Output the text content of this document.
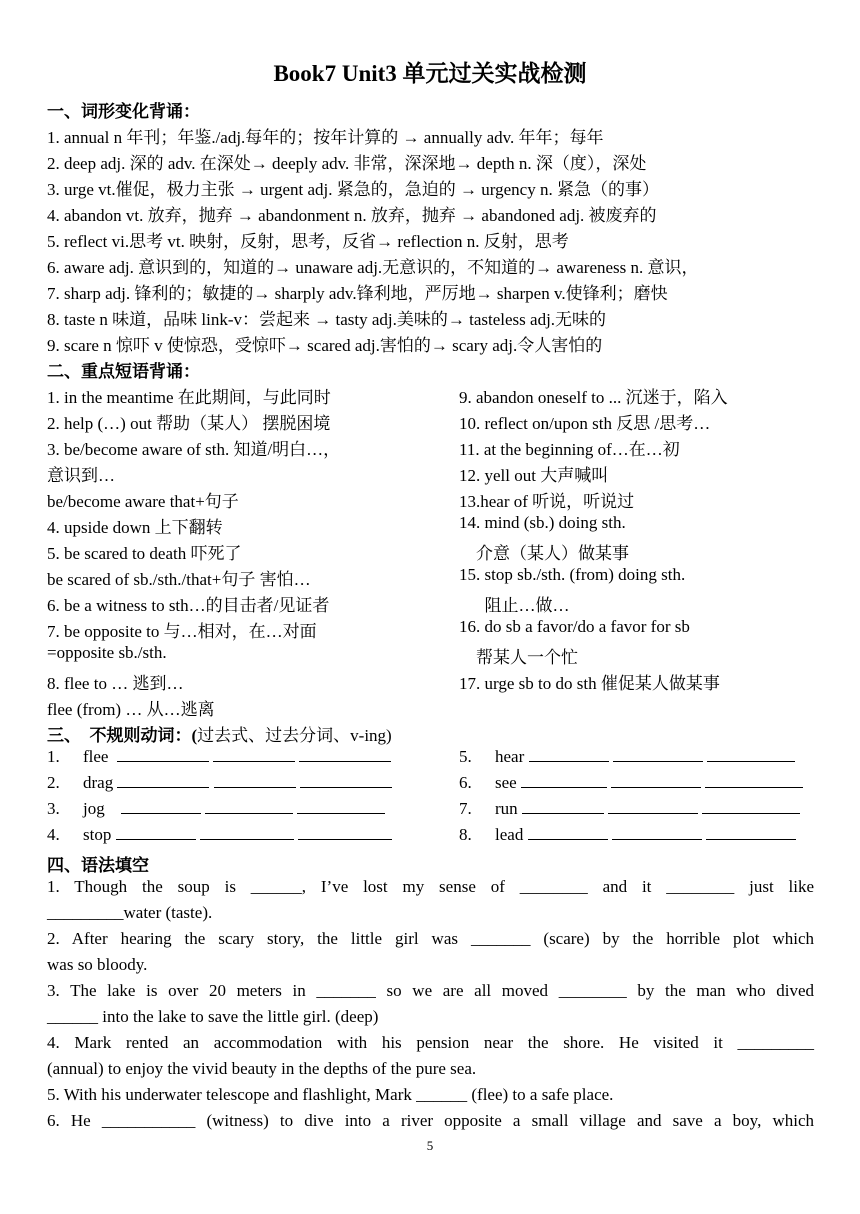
Book7 Unit3 单元过关实战检测
一、词形变化背诵：
1. annual n 年刊；年鉴./adj.每年的；按年计算的 → annually adv. 年年；每年
2. deep adj. 深的 adv. 在深处→ deeply adv. 非常，深深地→ depth n. 深（度），深处
3. urge vt.催促，极力主张 → urgent adj. 紧急的，急迫的 → urgency n. 紧急（的事）
4. abandon vt. 放弃，抛弃 → abandonment n. 放弃，抛弃 → abandoned adj. 被废弃的
5. reflect vi.思考 vt. 映射，反射，思考，反省→ reflection n. 反射，思考
6. aware adj. 意识到的，知道的→ unaware adj.无意识的，不知道的→ awareness n. 意识，
7. sharp adj. 锋利的；敏捷的→ sharply adv.锋利地，严厉地→ sharpen v.使锋利；磨快
8. taste n 味道，品味 link-v：尝起来 → tasty adj.美味的→ tasteless adj.无味的
9. scare n 惊吓 v 使惊恐，受惊吓→ scared adj.害怕的→ scary adj.令人害怕的
二、重点短语背诵：
1. in the meantime 在此期间，与此同时
2. help (…) out 帮助（某人） 摆脱困境
3. be/become aware of sth. 知道/明白…，
意识到…
be/become aware that+句子
4. upside down 上下翻转
5. be scared to death 吓死了
be scared of sb./sth./that+句子 害怕…
6. be a witness to sth…的目击者/见证者
7. be opposite to 与…相对，在…对面
=opposite sb./sth.
8. flee to … 逃到…
flee (from) … 从…逃离
9. abandon oneself to ... 沉迷于，陷入
10. reflect on/upon sth 反思 /思考…
11. at the beginning of…在…初
12. yell out 大声喊叫
13.hear of 听说，听说过
14. mind (sb.) doing sth.
介意（某人）做某事
15. stop sb./sth. (from) doing sth.
阻止…做…
16. do sb a favor/do a favor for sb
帮某人一个忙
17. urge sb to do sth 催促某人做某事
三、  不规则动词：(过去式、过去分词、v-ing)
1. flee
2. drag
3. jog
4. stop
5. hear
6. see
7. run
8. lead
四、语法填空
1. Though the soup is ______, I’ve lost my sense of ________ and it ________ just like
_________water (taste).
2. After hearing the scary story, the little girl was _______ (scare) by the horrible plot which
was so bloody.
3. The lake is over 20 meters in _______ so we are all moved ________ by the man who dived
______ into the lake to save the little girl. (deep)
4. Mark rented an accommodation with his pension near the shore. He visited it _________
(annual) to enjoy the vivid beauty in the depths of the pure sea.
5. With his underwater telescope and flashlight, Mark ______ (flee) to a safe place.
6. He ___________ (witness) to dive into a river opposite a small village and save a boy, which
5
